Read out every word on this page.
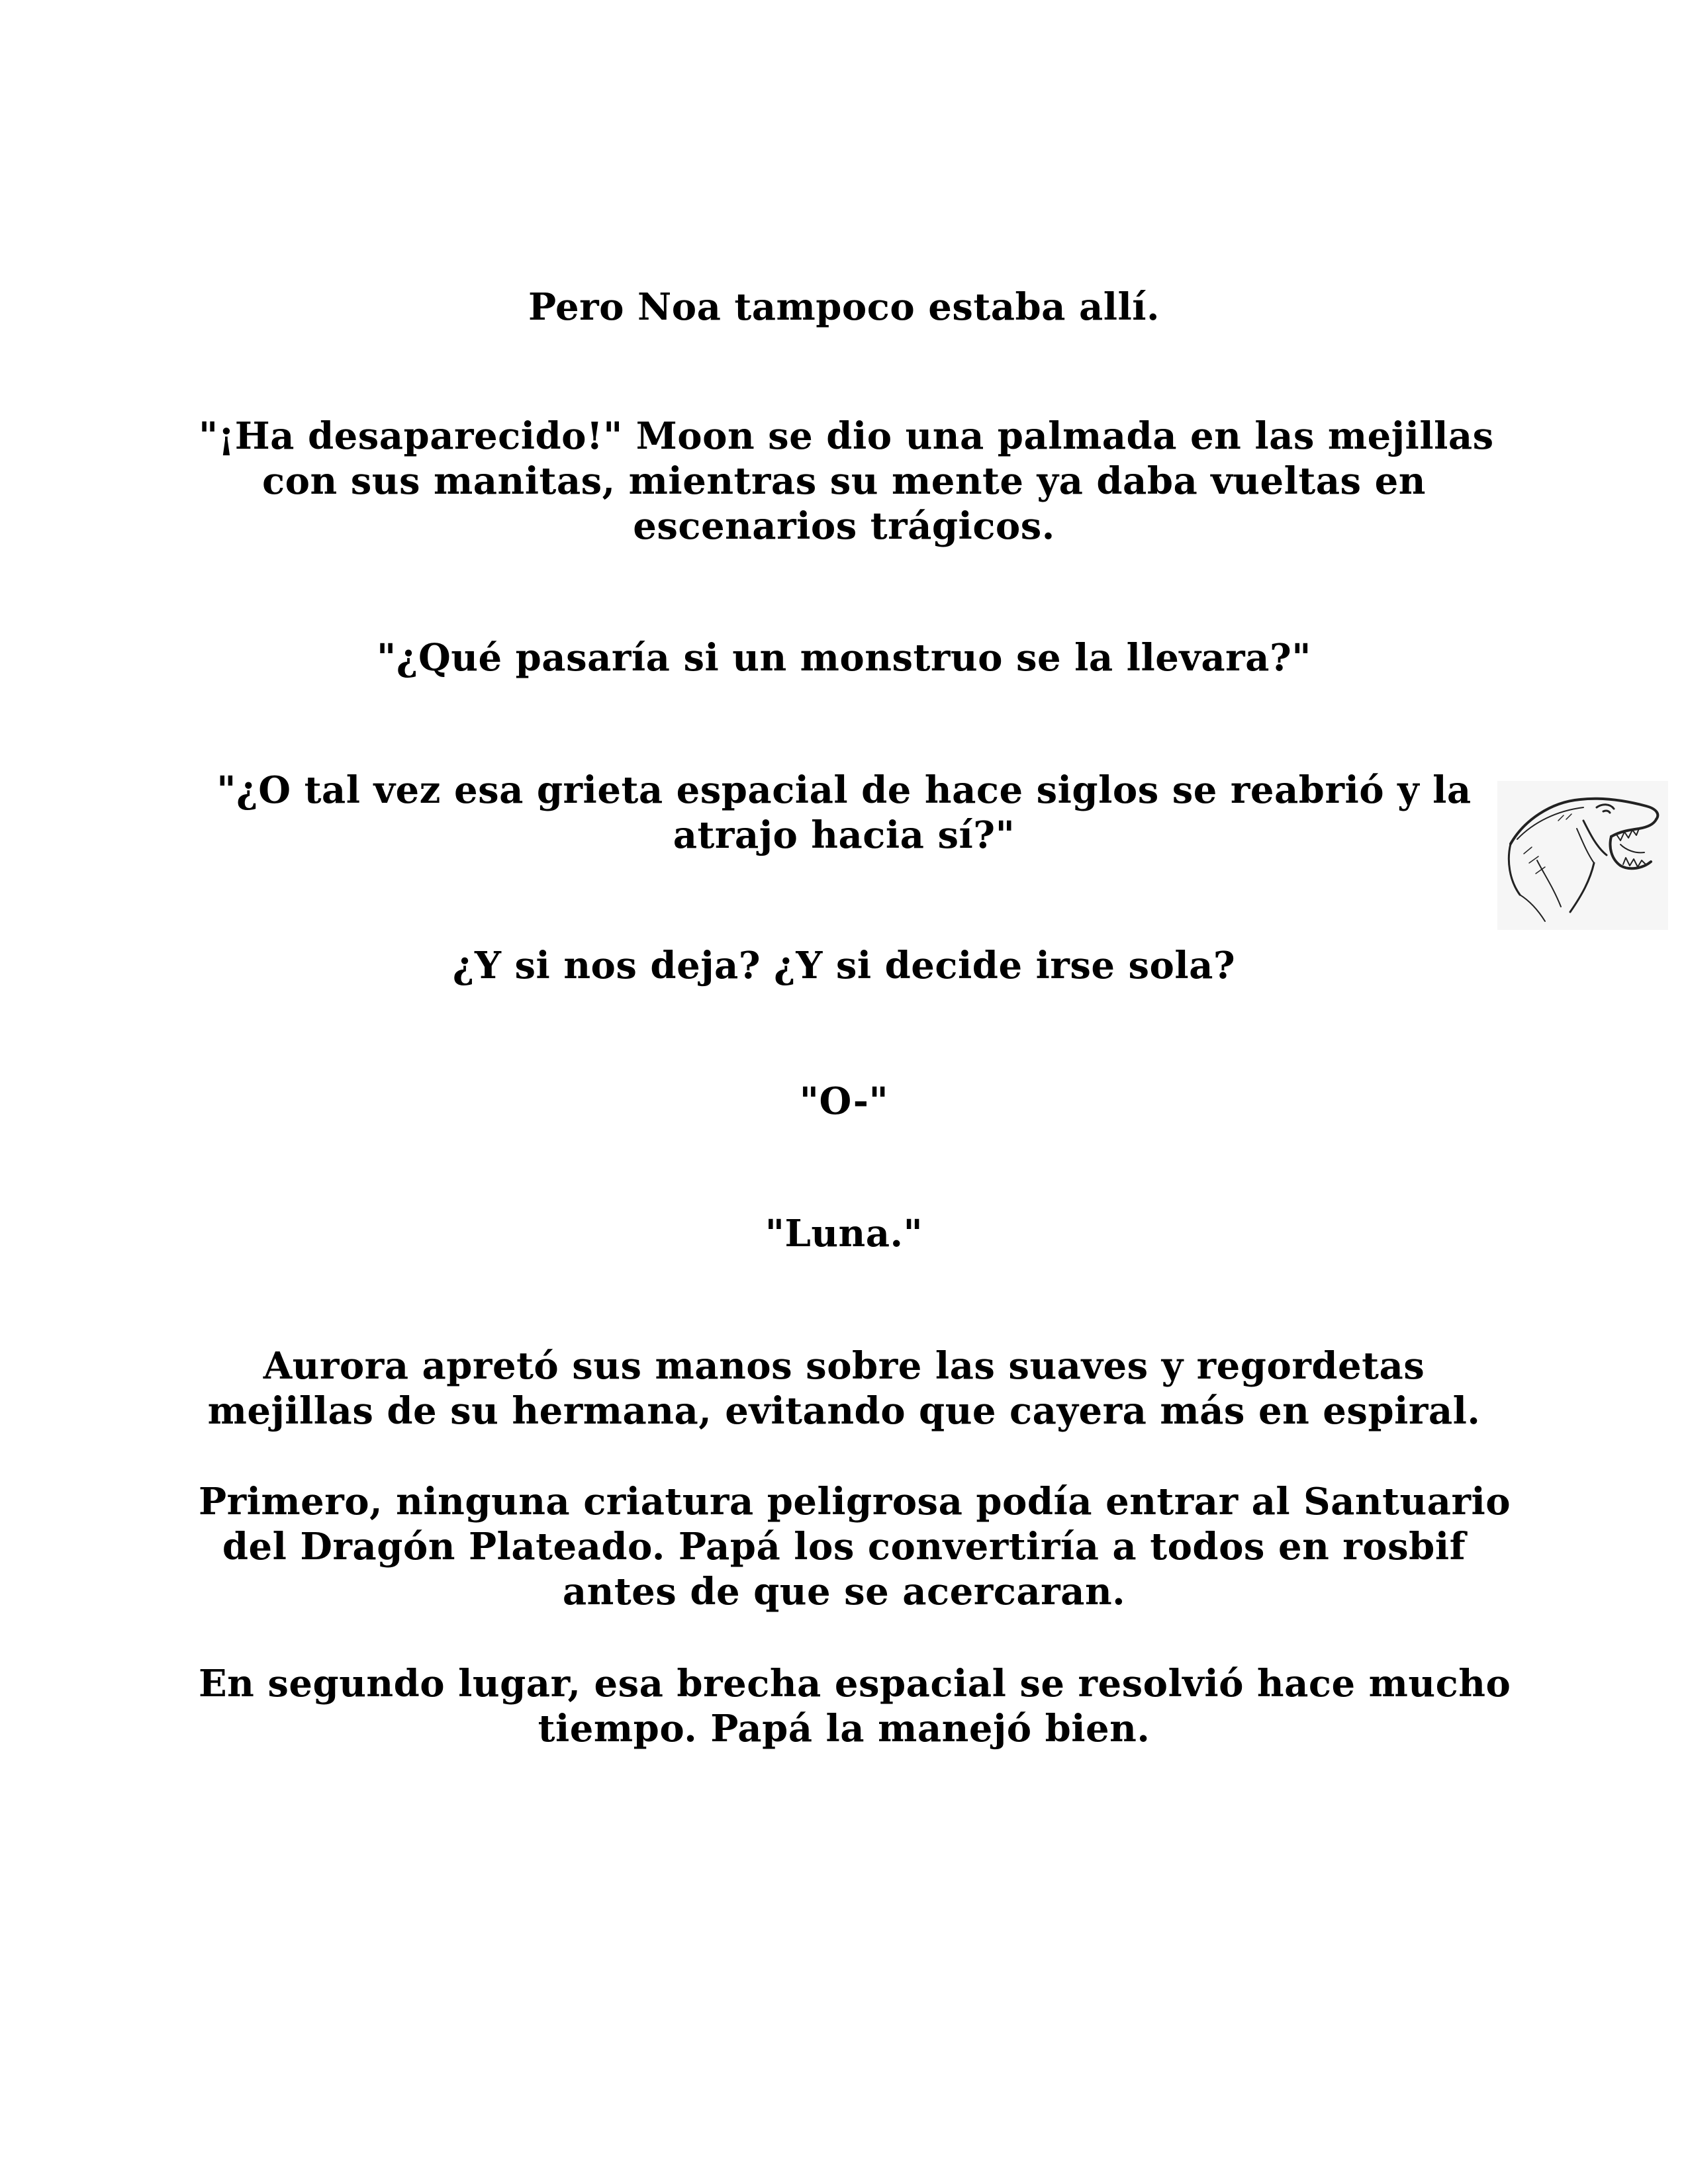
Pero Noa tampoco estaba allí.

"¡Ha desaparecido!" Moon se dio una palmada en las mejillas
con sus manitas, mientras su mente ya daba vueltas en
escenarios trágicos.

"¿Qué pasaría si un monstruo se la llevara?"

"¿O tal vez esa grieta espacial de hace siglos se reabrió y la
atrajo hacia sí?"

¿Y si nos deja? ¿Y si decide irse sola?

"O-"

"Luna."

Aurora apretó sus manos sobre las suaves y regordetas
mejillas de su hermana, evitando que cayera más en espiral.

Primero, ninguna criatura peligrosa podía entrar al Santuario
del Dragón Plateado. Papá los convertiría a todos en rosbif
antes de que se acercaran.

En segundo lugar, esa brecha espacial se resolvió hace mucho
tiempo. Papá la manejó bien.
